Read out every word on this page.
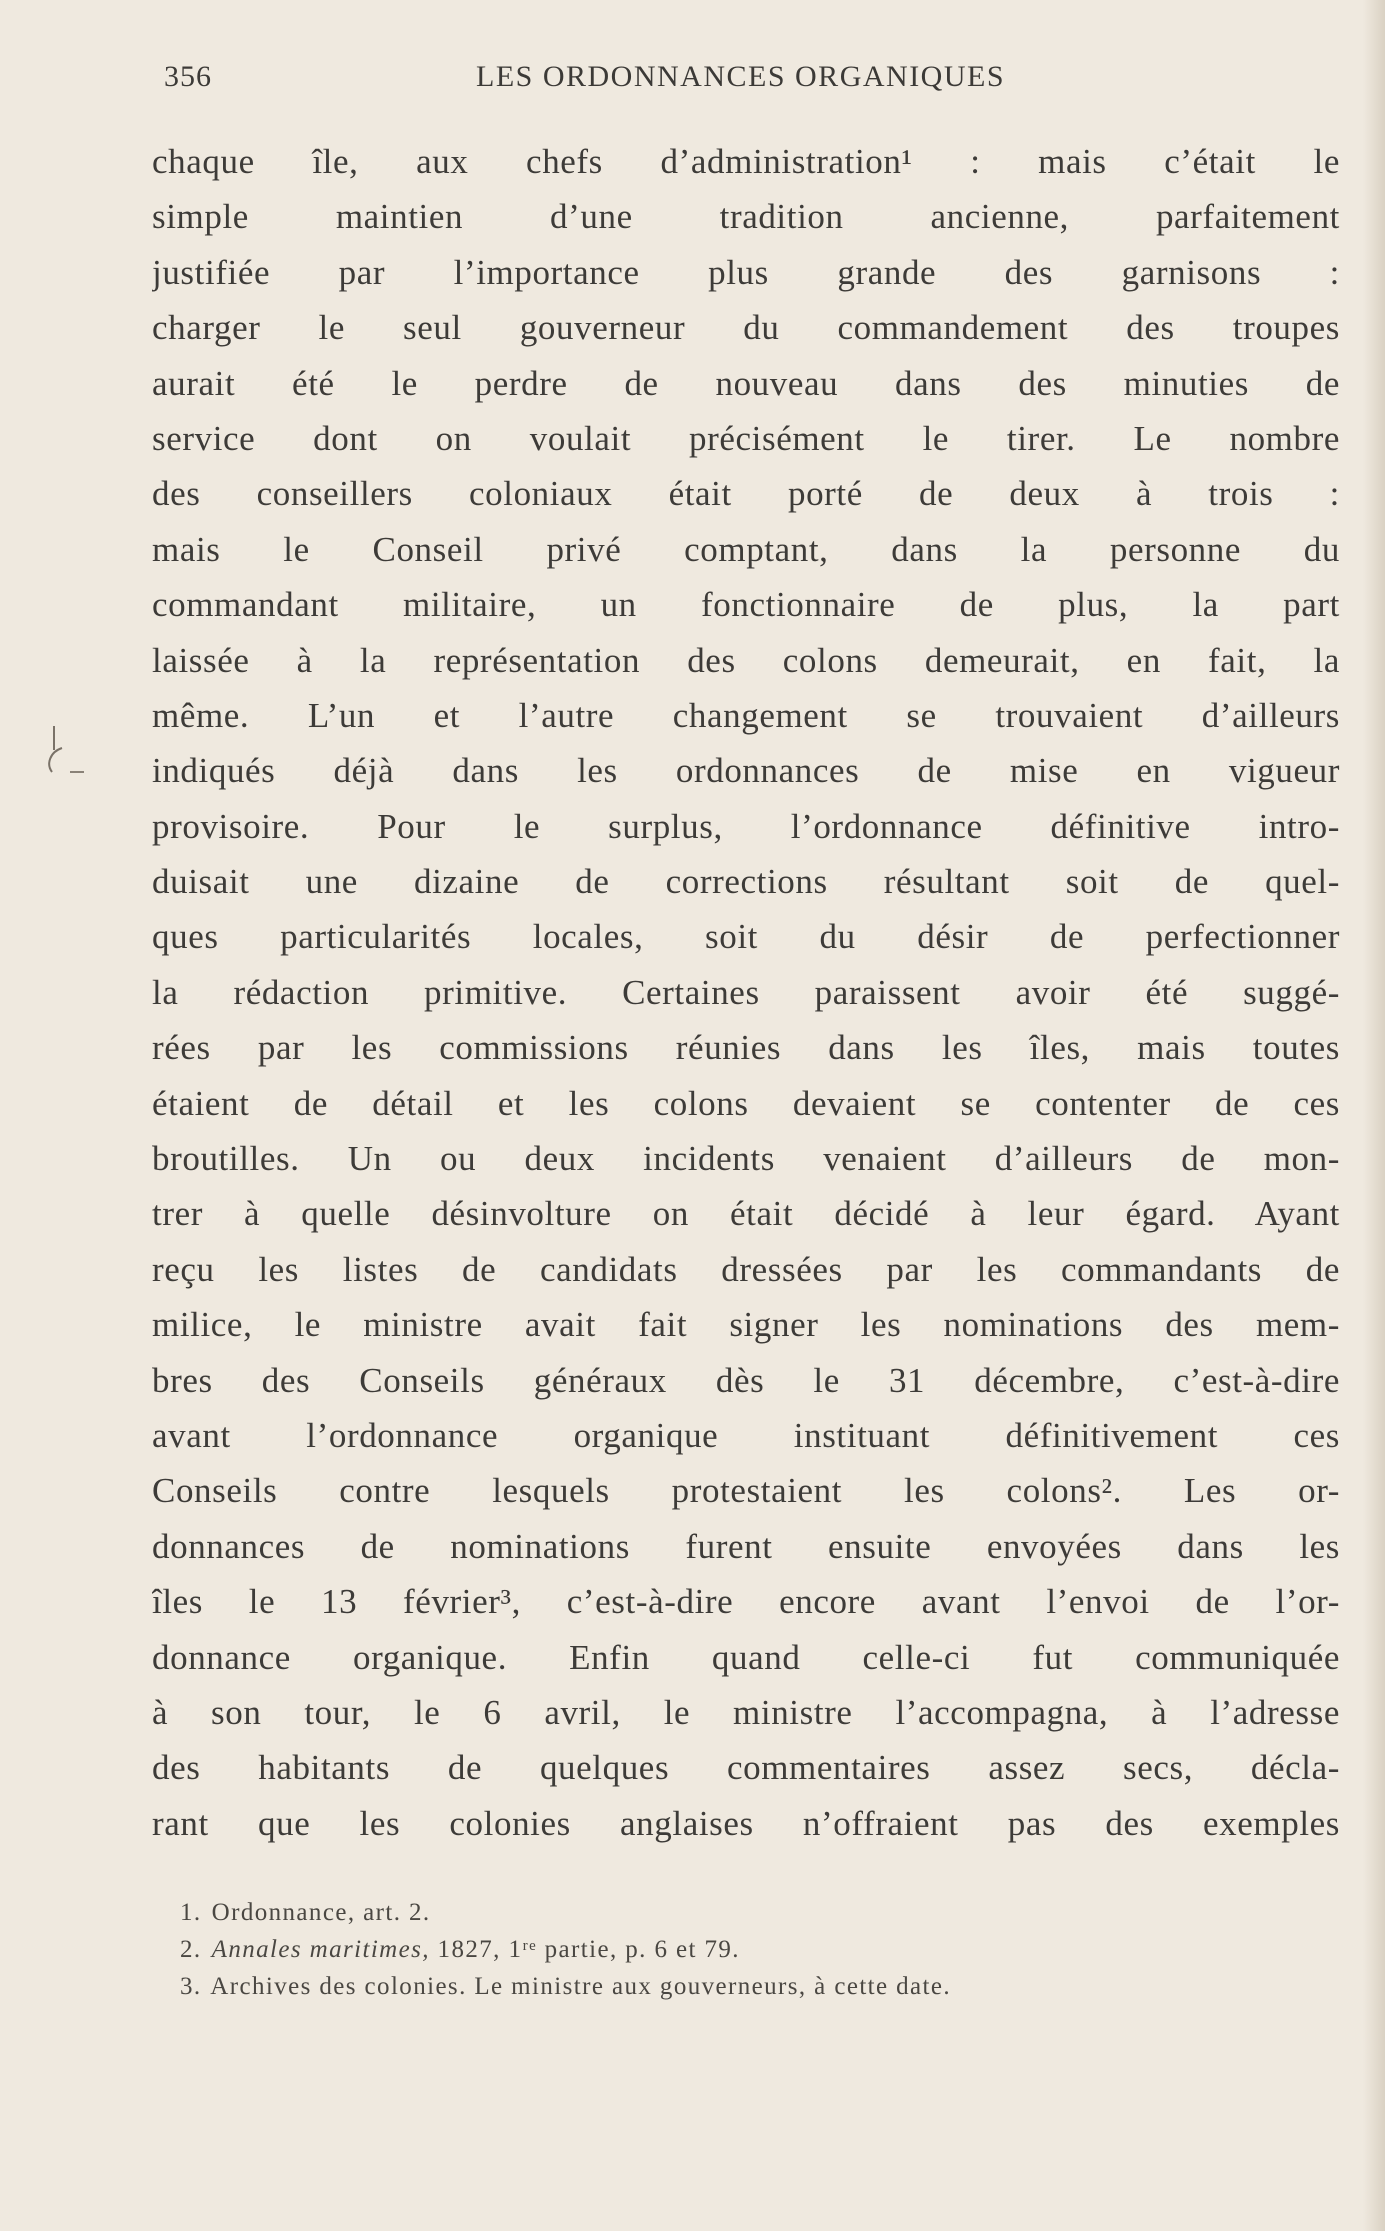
356	LES ORDONNANCES ORGANIQUES
chaque île, aux chefs d’administration¹ : mais c’était le
simple maintien d’une tradition ancienne, parfaitement
justifiée par l’importance plus grande des garnisons :
charger le seul gouverneur du commandement des troupes
aurait été le perdre de nouveau dans des minuties de
service dont on voulait précisément le tirer. Le nombre
des conseillers coloniaux était porté de deux à trois :
mais le Conseil privé comptant, dans la personne du
commandant militaire, un fonctionnaire de plus, la part
laissée à la représentation des colons demeurait, en fait, la
même. L’un et l’autre changement se trouvaient d’ailleurs
indiqués déjà dans les ordonnances de mise en vigueur
provisoire. Pour le surplus, l’ordonnance définitive intro-
duisait une dizaine de corrections résultant soit de quel-
ques particularités locales, soit du désir de perfectionner
la rédaction primitive. Certaines paraissent avoir été suggé-
rées par les commissions réunies dans les îles, mais toutes
étaient de détail et les colons devaient se contenter de ces
broutilles. Un ou deux incidents venaient d’ailleurs de mon-
trer à quelle désinvolture on était décidé à leur égard. Ayant
reçu les listes de candidats dressées par les commandants de
milice, le ministre avait fait signer les nominations des mem-
bres des Conseils généraux dès le 31 décembre, c’est-à-dire
avant l’ordonnance organique instituant définitivement ces
Conseils contre lesquels protestaient les colons². Les or-
donnances de nominations furent ensuite envoyées dans les
îles le 13 février³, c’est-à-dire encore avant l’envoi de l’or-
donnance organique. Enfin quand celle-ci fut communiquée
à son tour, le 6 avril, le ministre l’accompagna, à l’adresse
des habitants de quelques commentaires assez secs, décla-
rant que les colonies anglaises n’offraient pas des exemples
1. Ordonnance, art. 2.
2. Annales maritimes, 1827, 1ʳᵉ partie, p. 6 et 79.
3. Archives des colonies. Le ministre aux gouverneurs, à cette date.
